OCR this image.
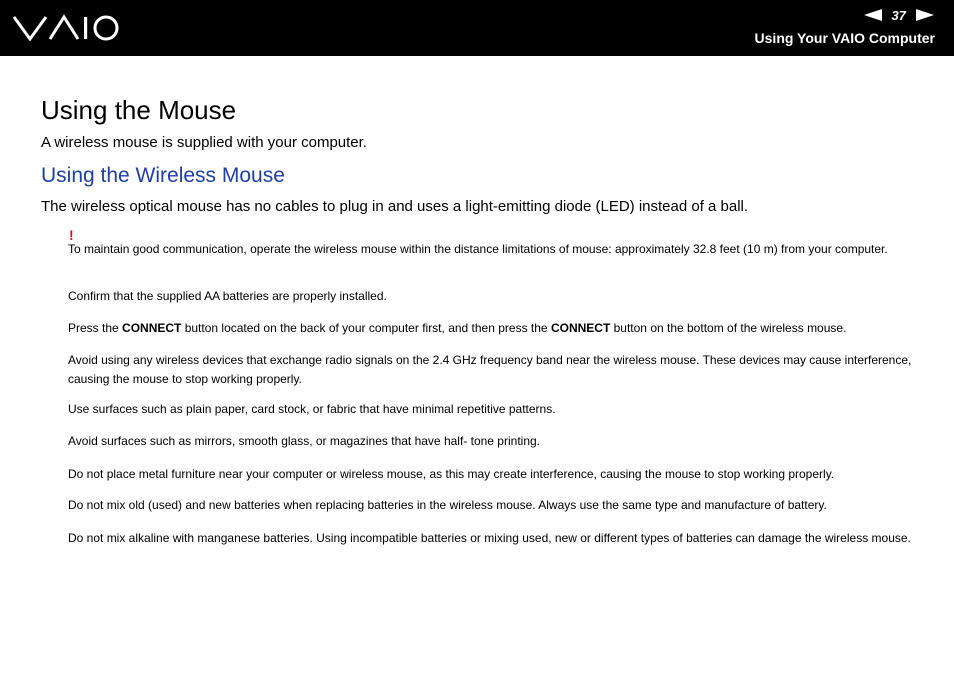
37
Using Your VAIO Computer
Using the Mouse
A wireless mouse is supplied with your computer.
Using the Wireless Mouse
The wireless optical mouse has no cables to plug in and uses a light-emitting diode (LED) instead of a ball.
!
To maintain good communication, operate the wireless mouse within the distance limitations of mouse: approximately 32.8 feet (10 m) from your computer.
Confirm that the supplied AA batteries are properly installed.
Press the CONNECT button located on the back of your computer first, and then press the CONNECT button on the bottom of the wireless mouse.
Avoid using any wireless devices that exchange radio signals on the 2.4 GHz frequency band near the wireless mouse. These devices may cause interference, causing the mouse to stop working properly.
Use surfaces such as plain paper, card stock, or fabric that have minimal repetitive patterns.
Avoid surfaces such as mirrors, smooth glass, or magazines that have half- tone printing.
Do not place metal furniture near your computer or wireless mouse, as this may create interference, causing the mouse to stop working properly.
Do not mix old (used) and new batteries when replacing batteries in the wireless mouse. Always use the same type and manufacture of battery.
Do not mix alkaline with manganese batteries. Using incompatible batteries or mixing used, new or different types of batteries can damage the wireless mouse.
